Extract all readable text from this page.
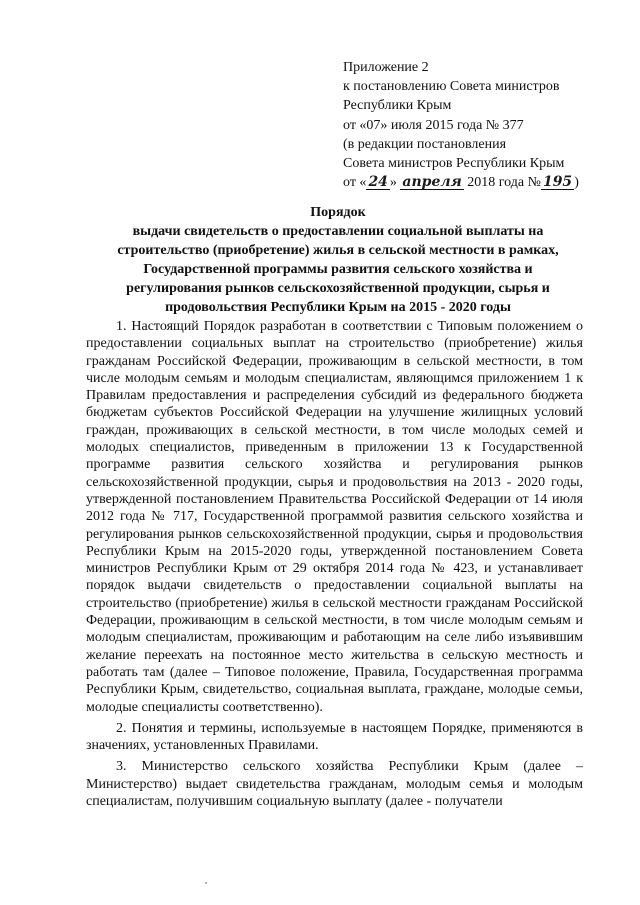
Приложение 2
к постановлению Совета министров
Республики Крым
от «07» июля 2015 года № 377
(в редакции постановления
Совета министров Республики Крым
от « 24 » апреля 2018 года № 195 )
Порядок
выдачи свидетельств о предоставлении социальной выплаты на строительство (приобретение) жилья в сельской местности в рамках, Государственной программы развития сельского хозяйства и регулирования рынков сельскохозяйственной продукции, сырья и продовольствия Республики Крым на 2015 - 2020 годы

1. Настоящий Порядок разработан в соответствии с Типовым положением о предоставлении социальных выплат на строительство (приобретение) жилья гражданам Российской Федерации, проживающим в сельской местности, в том числе молодым семьям и молодым специалистам, являющимся приложением 1 к Правилам предоставления и распределения субсидий из федерального бюджета бюджетам субъектов Российской Федерации на улучшение жилищных условий граждан, проживающих в сельской местности, в том числе молодых семей и молодых специалистов, приведенным в приложении 13 к Государственной программе развития сельского хозяйства и регулирования рынков сельскохозяйственной продукции, сырья и продовольствия на 2013 - 2020 годы, утвержденной постановлением Правительства Российской Федерации от 14 июля 2012 года № 717, Государственной программой развития сельского хозяйства и регулирования рынков сельскохозяйственной продукции, сырья и продовольствия Республики Крым на 2015-2020 годы, утвержденной постановлением Совета министров Республики Крым от 29 октября 2014 года № 423, и устанавливает порядок выдачи свидетельств о предоставлении социальной выплаты на строительство (приобретение) жилья в сельской местности гражданам Российской Федерации, проживающим в сельской местности, в том числе молодым семьям и молодым специалистам, проживающим и работающим на селе либо изъявившим желание переехать на постоянное место жительства в сельскую местность и работать там (далее – Типовое положение, Правила, Государственная программа Республики Крым, свидетельство, социальная выплата, граждане, молодые семьи, молодые специалисты соответственно).

2. Понятия и термины, используемые в настоящем Порядке, применяются в значениях, установленных Правилами.

3. Министерство сельского хозяйства Республики Крым (далее – Министерство) выдает свидетельства гражданам, молодым семья и молодым специалистам, получившим социальную выплату (далее - получатели
